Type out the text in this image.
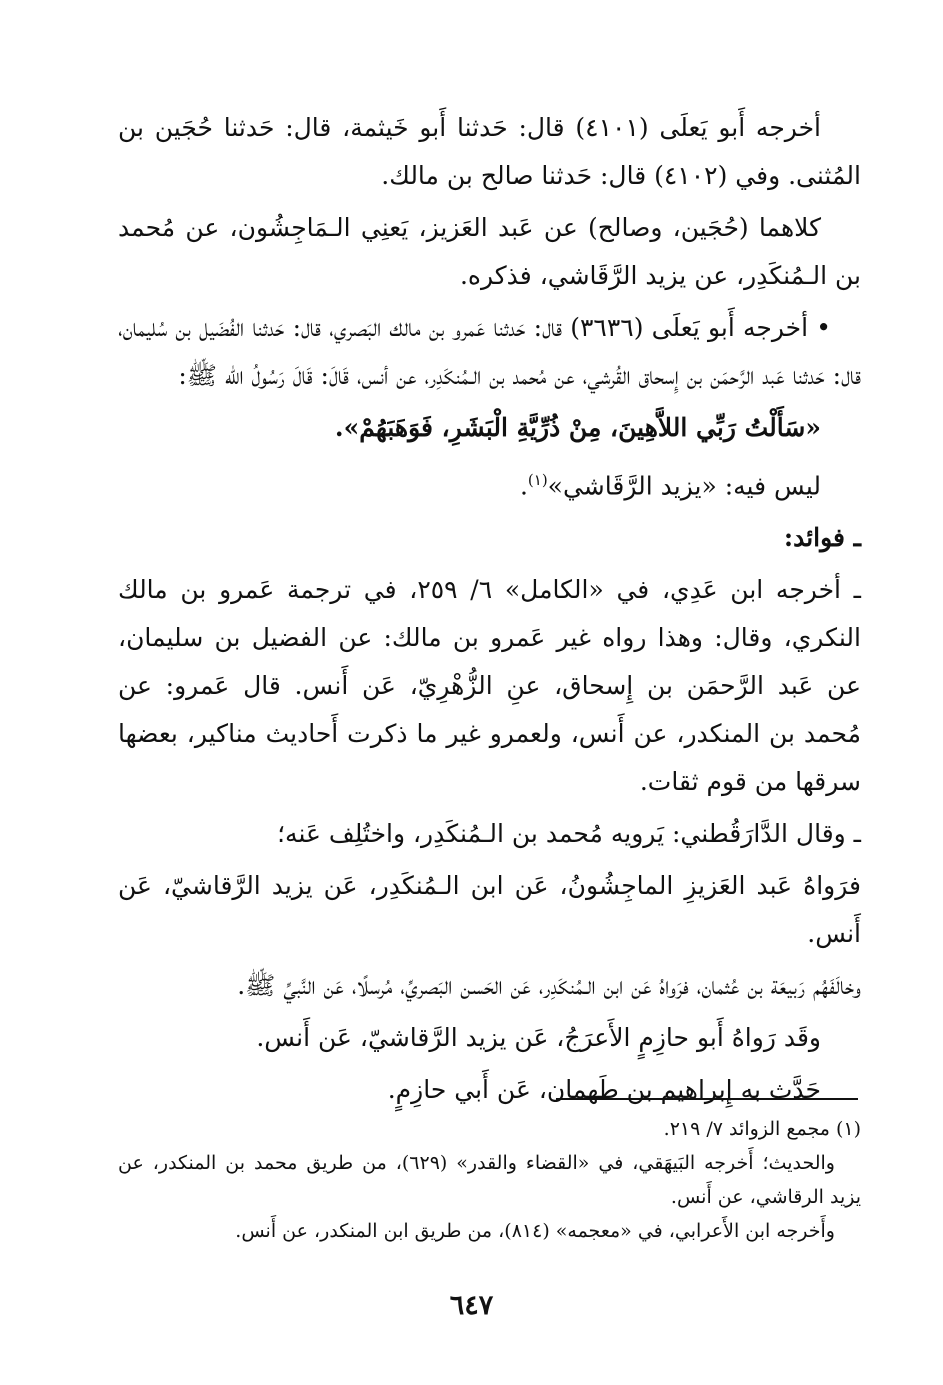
أخرجه أَبو يَعلَى (٤١٠١) قال: حَدثنا أَبو خَيثمة، قال: حَدثنا حُجَين بن المُثنى. وفي (٤١٠٢) قال: حَدثنا صالح بن مالك.

كلاهما (حُجَين، وصالح) عن عَبد العَزيز، يَعنِي الـمَاجِشُون، عن مُحمد بن الـمُنكَدِر، عن يزيد الرَّقَاشي، فذكره.

• أخرجه أَبو يَعلَى (٣٦٣٦) قال: حَدثنا عَمرو بن مالك البَصري، قال: حَدثنا الفُضَيل بن سُليمان، قال: حَدثنا عَبد الرَّحمَن بن إِسحاق القُرشي، عن مُحمد بن الـمُنكَدِر، عن أنس، قَالَ: قَالَ رَسُولُ الله ﷺ:

«سَأَلْتُ رَبِّي اللاَّهِينَ، مِنْ ذُرِّيَّةِ الْبَشَرِ، فَوَهَبَهُمْ».

ليس فيه: «يزيد الرَّقَاشي»$^{(١)}$.

ـ فوائد:

ـ أخرجه ابن عَدِي، في «الكامل» ٦/ ٢٥٩، في ترجمة عَمرو بن مالك النكري، وقال: وهذا رواه غير عَمرو بن مالك: عن الفضيل بن سليمان، عن عَبد الرَّحمَن بن إِسحاق، عنِ الزُّهْرِيّ، عَن أَنس. قال عَمرو: عن مُحمد بن المنكدر، عن أَنس، ولعمرو غير ما ذكرت أَحاديث مناكير، بعضها سرقها من قوم ثقات.

ـ وقال الدَّارَقُطني: يَرويه مُحمد بن الـمُنكَدِر، واختُلِف عَنه؛

فرَواهُ عَبد العَزيزِ الماجِشُونُ، عَن ابن الـمُنكَدِر، عَن يزيد الرَّقاشيّ، عَن أَنس.

وخالَفَهُم رَبيعَة بن عُثمان، فرَواهُ عَن ابن الـمُنكَدِر، عَن الحَسن البَصريِّ، مُرسلًا، عَن النَّبيِّ ﷺ.

وقَد رَواهُ أَبو حازِمٍ الأَعرَجُ، عَن يزيد الرَّقاشيّ، عَن أَنس.

حَدَّث به إِبراهيم بن طَهمان، عَن أَبي حازِمٍ.

(١) مجمع الزوائد ٧/ ٢١٩.

والحديث؛ أَخرجه البَيهَقي، في «القضاء والقدر» (٦٢٩)، من طريق محمد بن المنكدر، عن يزيد الرقاشي، عن أَنس.

وأَخرجه ابن الأَعرابي، في «معجمه» (٨١٤)، من طريق ابن المنكدر، عن أَنس.

٦٤٧
